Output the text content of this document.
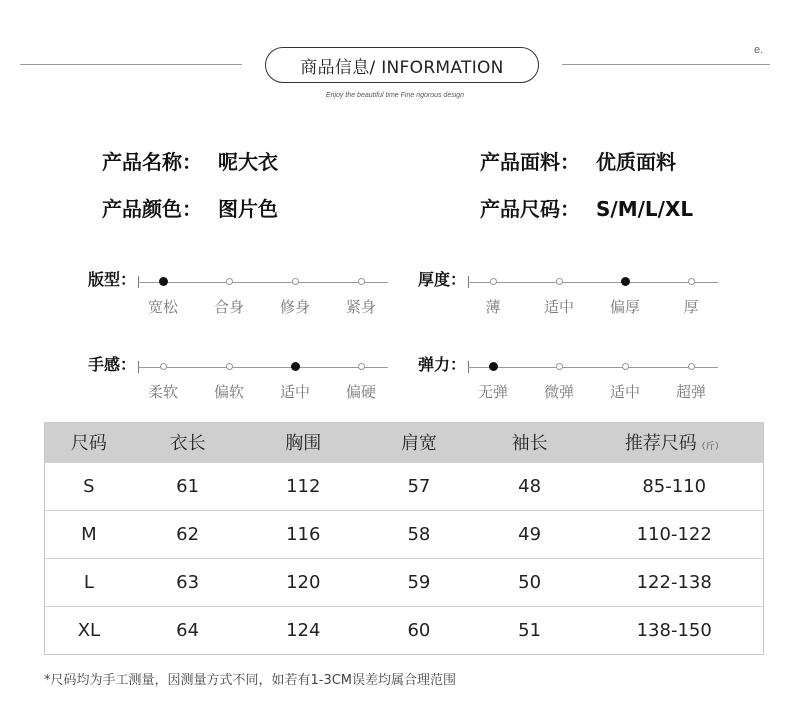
商品信息/ INFORMATION
e.
Enjoy the beautiful time Fine rigorous design
产品名称： 呢大衣	产品面料： 优质面料
产品颜色： 图片色	产品尺码： S/M/L/XL
版型：
宽松	合身	修身	紧身
厚度：
薄	适中	偏厚	厚
手感：
柔软	偏软	适中	偏硬
弹力：
无弹	微弹	适中	超弹
尺码	衣长	胸围	肩宽	袖长	推荐尺码（斤）
S	61	112	57	48	85-110
M	62	116	58	49	110-122
L	63	120	59	50	122-138
XL	64	124	60	51	138-150
*尺码均为手工测量，因测量方式不同，如若有1-3CM误差均属合理范围
